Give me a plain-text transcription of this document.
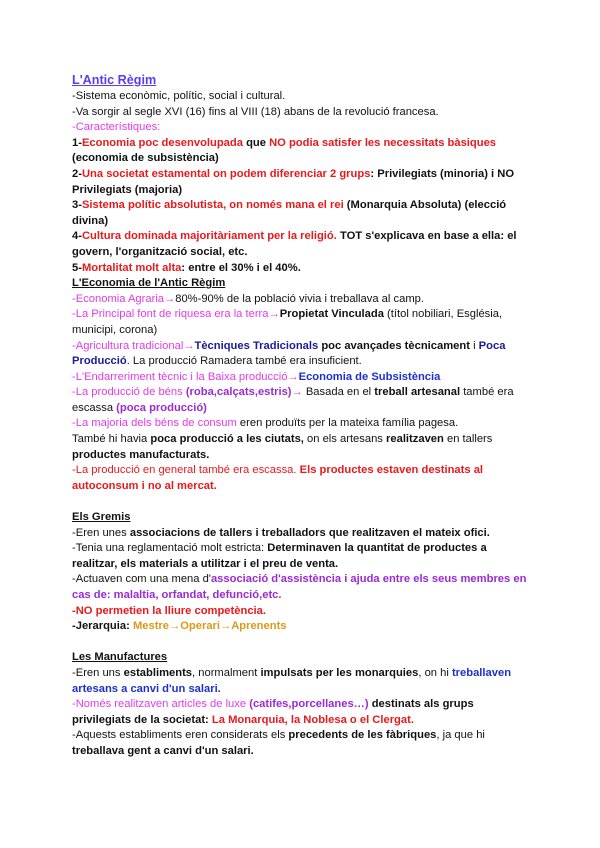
L'Antic Règim

-Sistema econòmic, polític, social i cultural.

-Va sorgir al segle XVI (16) fins al VIII (18) abans de la revolució francesa.

-Característiques:

1-Economia poc desenvolupada que NO podia satisfer les necessitats bàsiques (economia de subsistència)

2-Una societat estamental on podem diferenciar 2 grups: Privilegiats (minoria) i NO Privilegiats (majoria)

3-Sistema polític absolutista, on només mana el rei (Monarquia Absoluta) (elecció divina)

4-Cultura dominada majoritàriament per la religió. TOT s'explicava en base a ella: el govern, l'organització social, etc.

5-Mortalitat molt alta: entre el 30% i el 40%.

L'Economia de l'Antic Règim

-Economia Agraria→80%-90% de la població vivia i treballava al camp.

-La Principal font de riquesa era la terra→Propietat Vinculada (títol nobiliari, Església, municipi, corona)

-Agricultura tradicional→Tècniques Tradicionals poc avançades tècnicament i Poca Producció. La producció Ramadera també era insuficient.

-L'Endarreriment tècnic i la Baixa producció→Economia de Subsistència

-La producció de béns (roba,calçats,estris)→ Basada en el treball artesanal també era escassa (poca producció)

-La majoria dels béns de consum eren produïts per la mateixa família pagesa.

També hi havia poca producció a les ciutats, on els artesans realitzaven en tallers productes manufacturats.

-La producció en general també era escassa. Els productes estaven destinats al autoconsum i no al mercat.

Els Gremis

-Eren unes associacions de tallers i treballadors que realitzaven el mateix ofici.

-Tenia una reglamentació molt estricta: Determinaven la quantitat de productes a realitzar, els materials a utilitzar i el preu de venta.

-Actuaven com una mena d'associació d'assistència i ajuda entre els seus membres en cas de: malaltia, orfandat, defunció,etc.

-NO permetien la lliure competència.

-Jerarquia: Mestre→Operari→Aprenents

Les Manufactures

-Eren uns establiments, normalment impulsats per les monarquies, on hi treballaven artesans a canvi d'un salari.

-Només realitzaven articles de luxe (catifes,porcellanes…) destinats als grups privilegiats de la societat: La Monarquia, la Noblesa o el Clergat.

-Aquests establiments eren considerats els precedents de les fàbriques, ja que hi treballava gent a canvi d'un salari.
